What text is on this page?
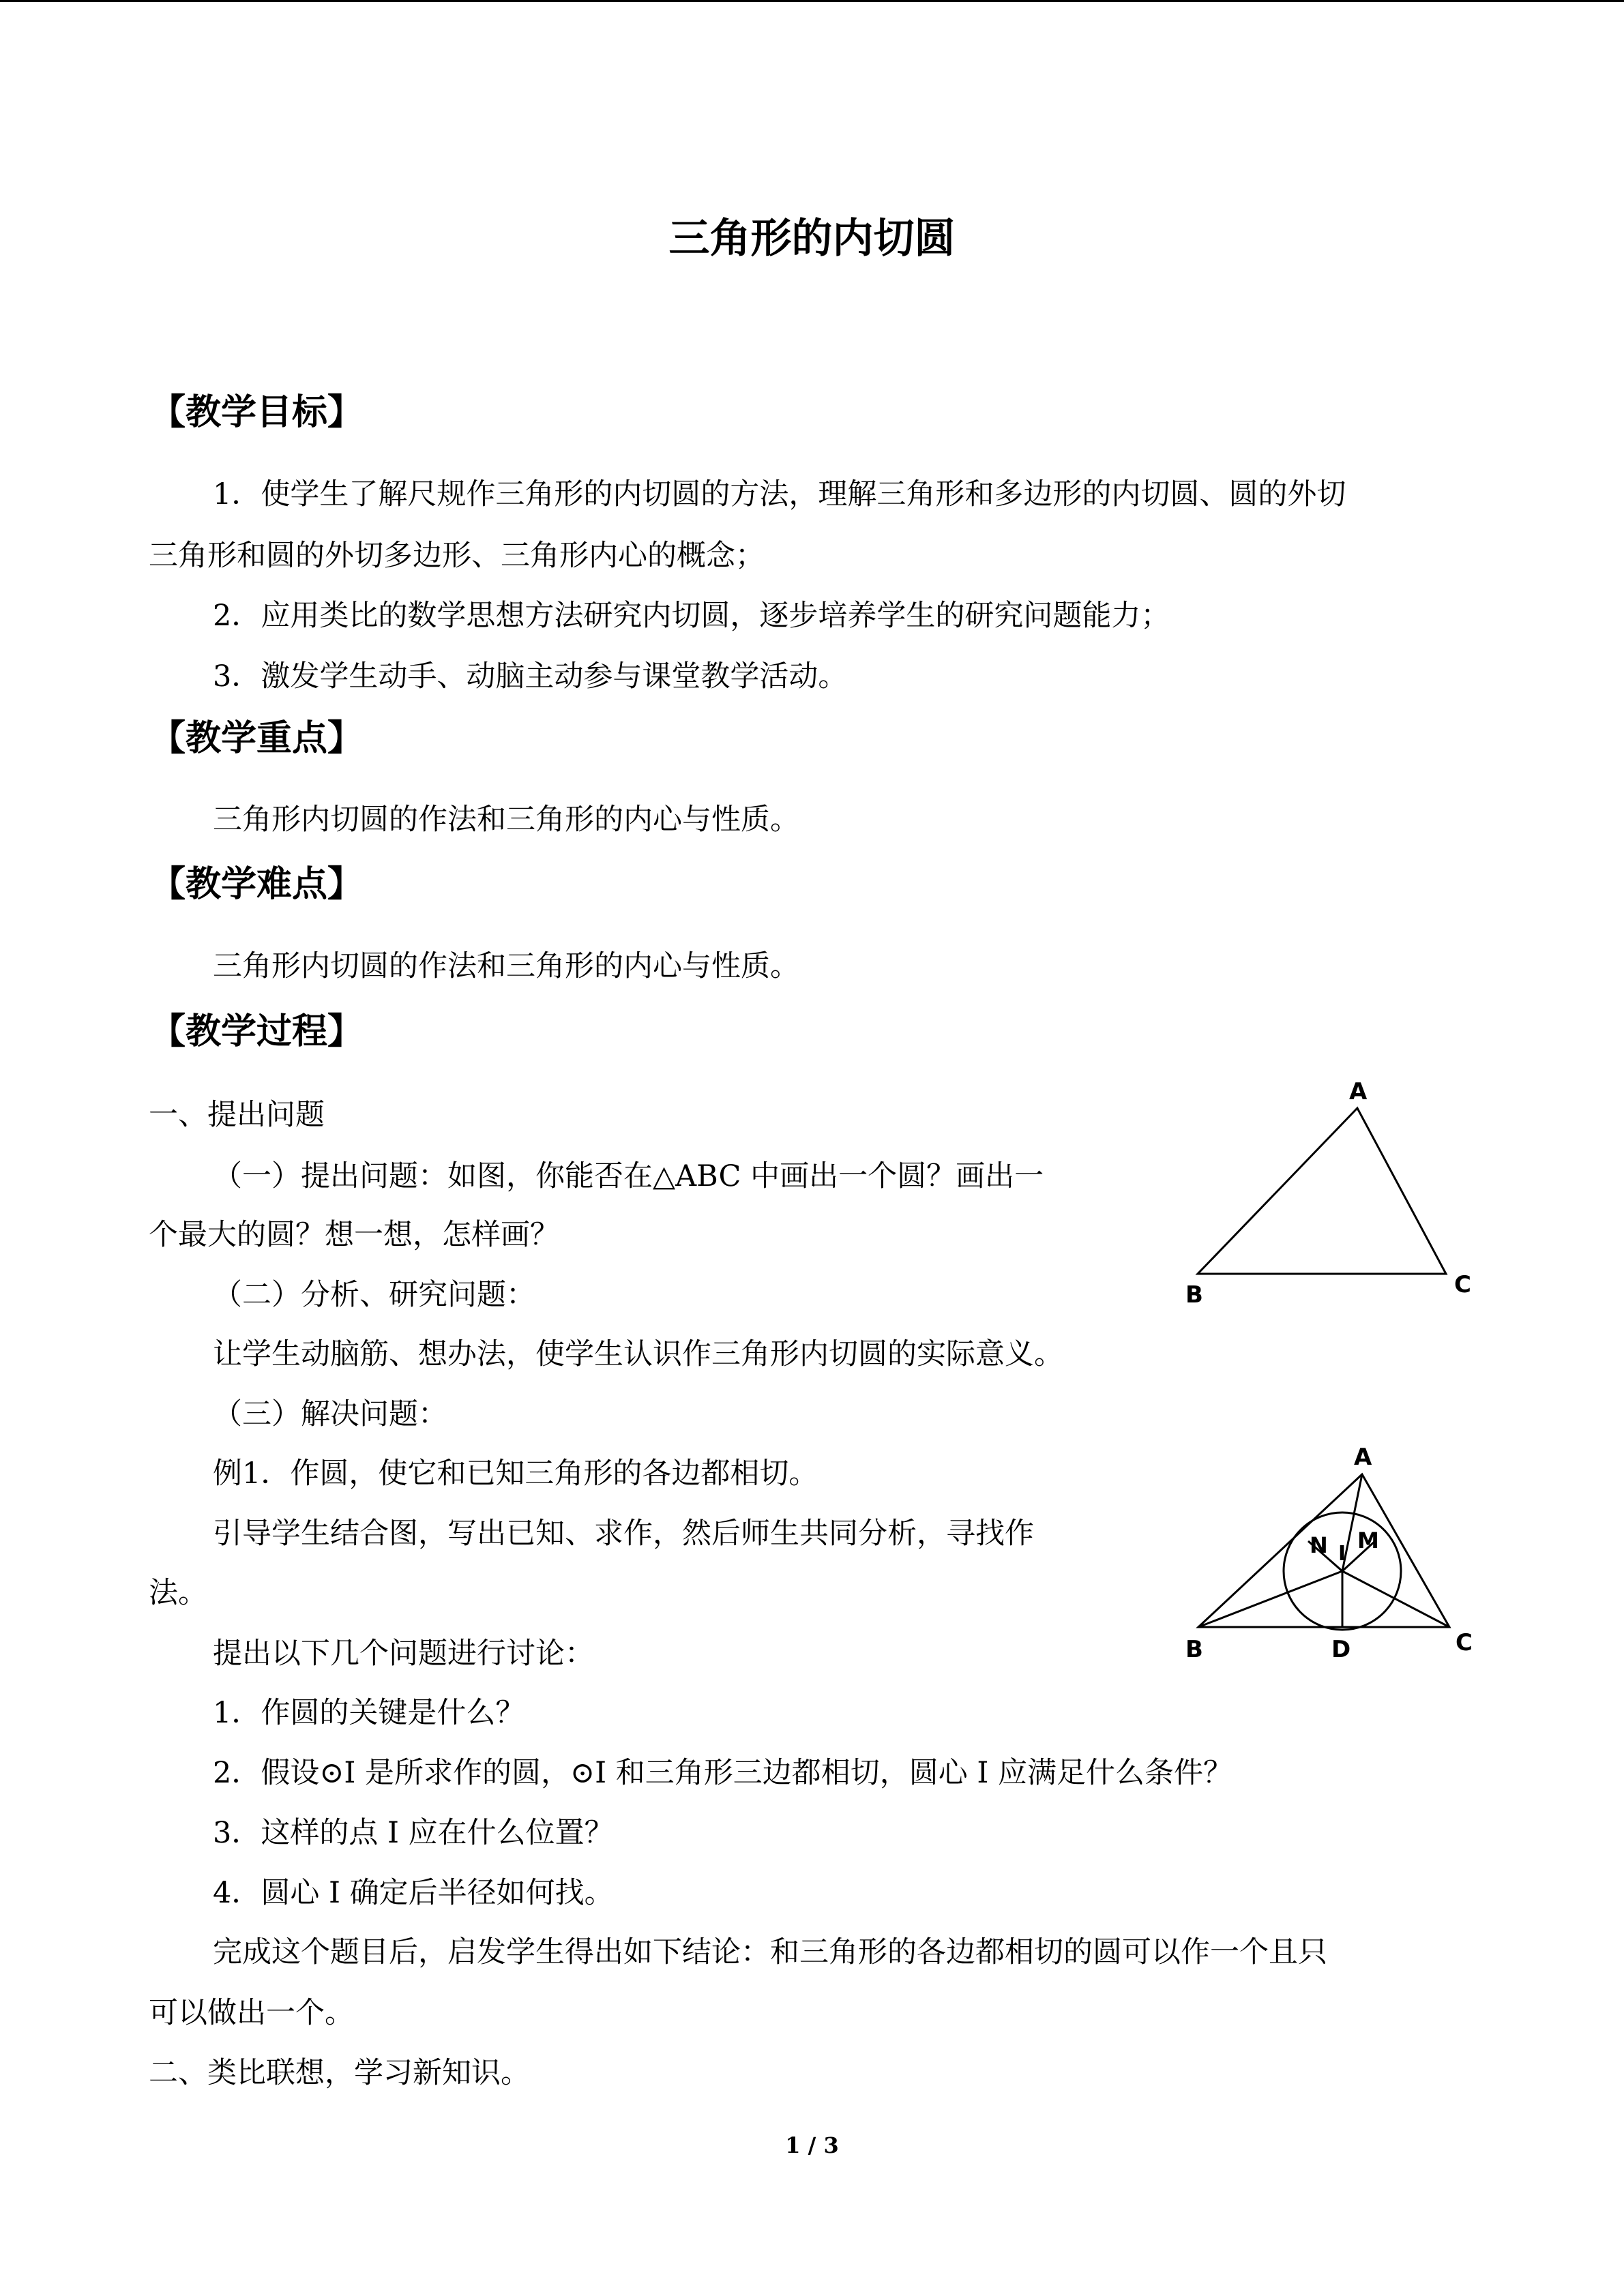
三角形的内切圆
【教学目标】
1．使学生了解尺规作三角形的内切圆的方法，理解三角形和多边形的内切圆、圆的外切
三角形和圆的外切多边形、三角形内心的概念；
2．应用类比的数学思想方法研究内切圆，逐步培养学生的研究问题能力；
3．激发学生动手、动脑主动参与课堂教学活动。
【教学重点】
三角形内切圆的作法和三角形的内心与性质。
【教学难点】
三角形内切圆的作法和三角形的内心与性质。
【教学过程】
一、提出问题
（一）提出问题：如图，你能否在△ABC 中画出一个圆？画出一
个最大的圆？想一想，怎样画？
（二）分析、研究问题：
让学生动脑筋、想办法，使学生认识作三角形内切圆的实际意义。
（三）解决问题：
例1．作圆，使它和已知三角形的各边都相切。
引导学生结合图，写出已知、求作，然后师生共同分析，寻找作
法。
提出以下几个问题进行讨论：
1．作圆的关键是什么？
2．假设⊙I 是所求作的圆，⊙I 和三角形三边都相切，圆心 I 应满足什么条件？
3．这样的点 I 应在什么位置？
4．圆心 I 确定后半径如何找。
完成这个题目后，启发学生得出如下结论：和三角形的各边都相切的圆可以作一个且只
可以做出一个。
二、类比联想，学习新知识。
A
B	C
A
B	C
D
N I
M
1 / 3
